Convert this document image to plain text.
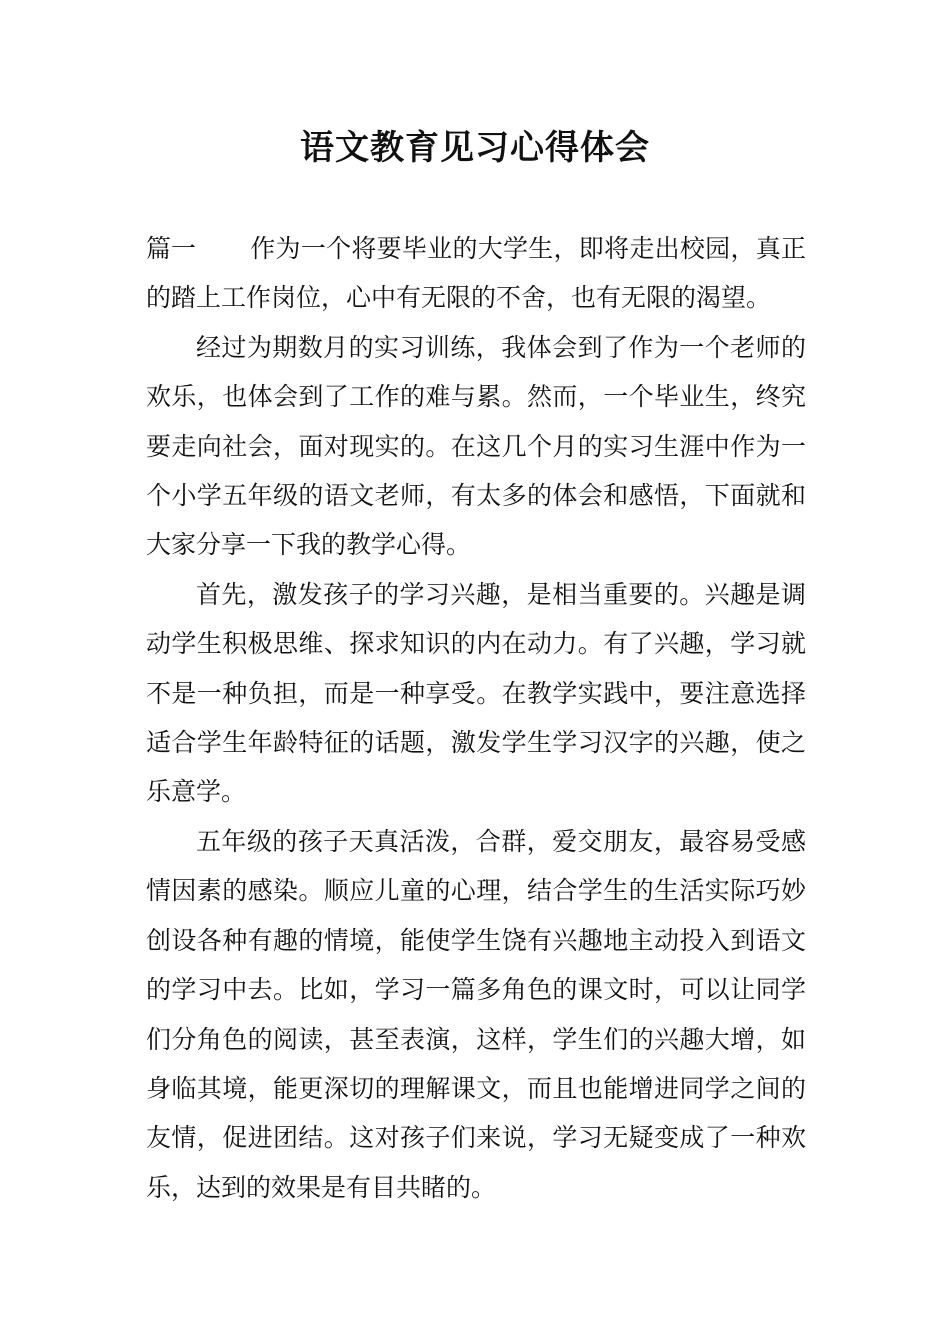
语文教育见习心得体会

篇一 作为一个将要毕业的大学生，即将走出校园，真正的踏上工作岗位，心中有无限的不舍，也有无限的渴望。

经过为期数月的实习训练，我体会到了作为一个老师的欢乐，也体会到了工作的难与累。然而，一个毕业生，终究要走向社会，面对现实的。在这几个月的实习生涯中作为一个小学五年级的语文老师，有太多的体会和感悟，下面就和大家分享一下我的教学心得。

首先，激发孩子的学习兴趣，是相当重要的。兴趣是调动学生积极思维、探求知识的内在动力。有了兴趣，学习就不是一种负担，而是一种享受。在教学实践中，要注意选择适合学生年龄特征的话题，激发学生学习汉字的兴趣，使之乐意学。

五年级的孩子天真活泼，合群，爱交朋友，最容易受感情因素的感染。顺应儿童的心理，结合学生的生活实际巧妙创设各种有趣的情境，能使学生饶有兴趣地主动投入到语文的学习中去。比如，学习一篇多角色的课文时，可以让同学们分角色的阅读，甚至表演，这样，学生们的兴趣大增，如身临其境，能更深切的理解课文，而且也能增进同学之间的友情，促进团结。这对孩子们来说，学习无疑变成了一种欢乐，达到的效果是有目共睹的。
